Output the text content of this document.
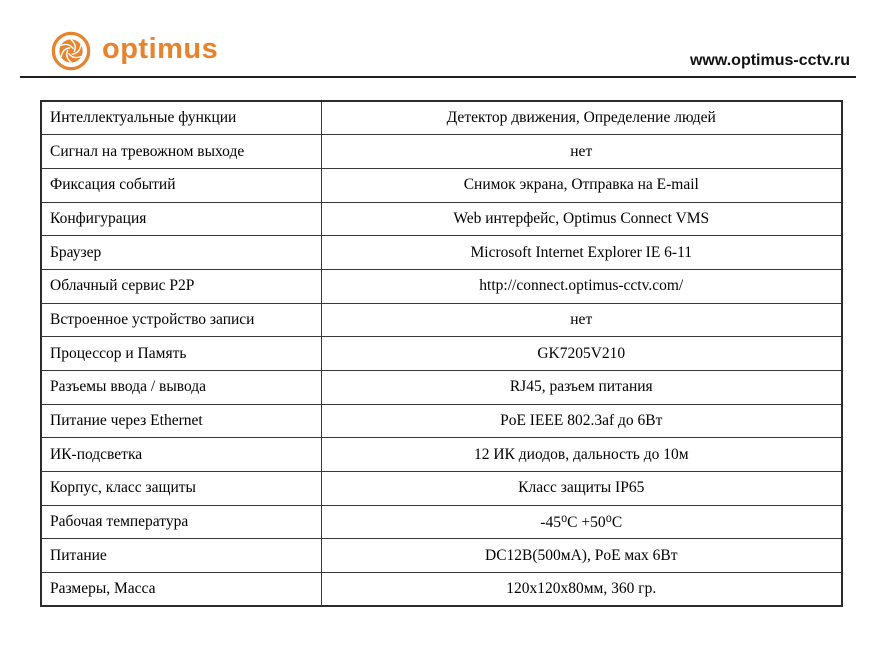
optimus	www.optimus-cctv.ru
Интеллектуальные функции	Детектор движения, Определение людей
Сигнал на тревожном выходе	нет
Фиксация событий	Снимок экрана, Отправка на E-mail
Конфигурация	Web интерфейс, Optimus Connect VMS
Браузер	Microsoft Internet Explorer IE 6-11
Облачный сервис P2P	http://connect.optimus-cctv.com/
Встроенное устройство записи	нет
Процессор и Память	GK7205V210
Разъемы ввода / вывода	RJ45, разъем питания
Питание через Ethernet	PoE IEEE 802.3af до 6Вт
ИК-подсветка	12 ИК диодов, дальность до 10м
Корпус, класс защиты	Класс защиты IP65
Рабочая температура	-45⁰C +50⁰C
Питание	DC12В(500мА), PoE мах 6Вт
Размеры, Масса	120x120x80мм, 360 гр.
